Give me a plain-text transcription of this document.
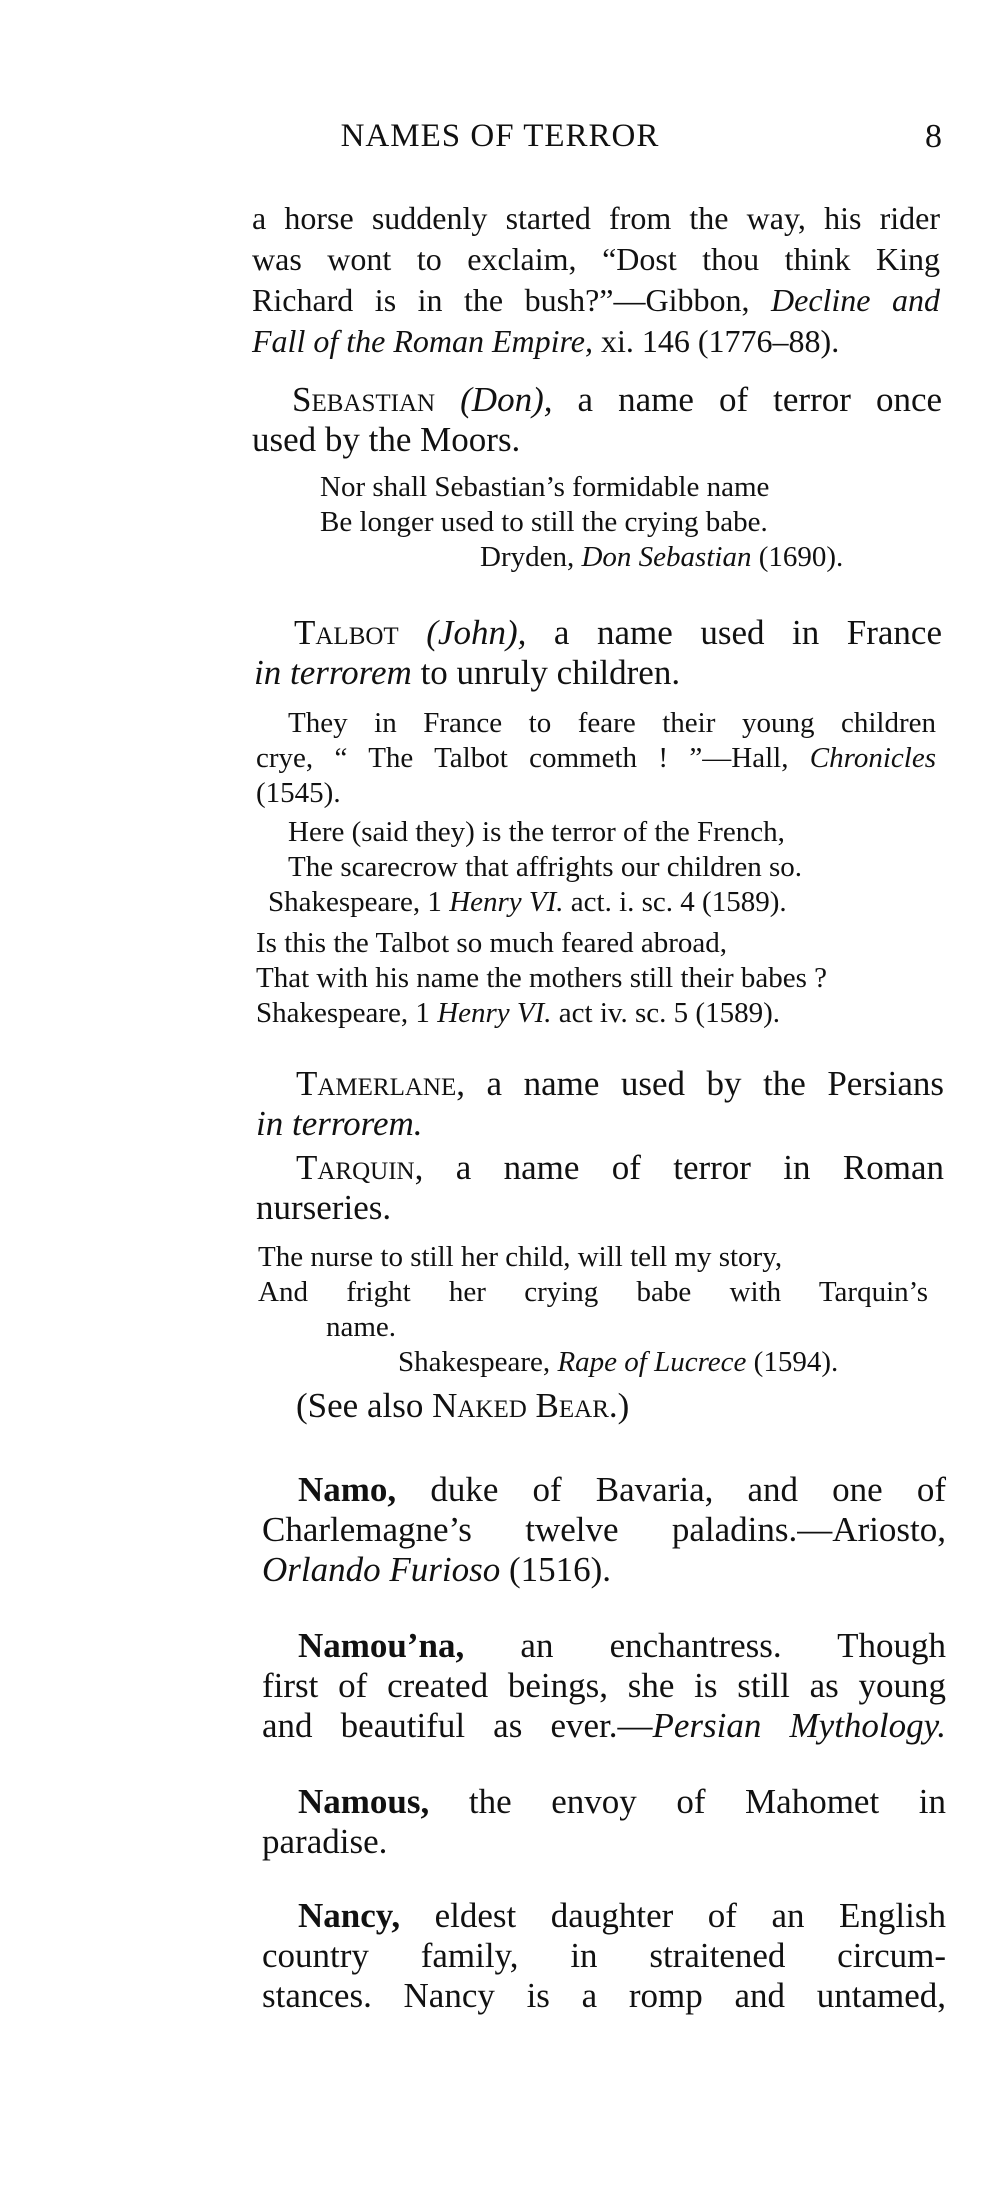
NAMES OF TERROR	8
a horse suddenly started from the way, his rider
was wont to exclaim, “Dost thou think King
Richard is in the bush?”—Gibbon, Decline and
Fall of the Roman Empire, xi. 146 (1776–88).
Sebastian (Don), a name of terror once
used by the Moors.
Nor shall Sebastian’s formidable name
Be longer used to still the crying babe.
Dryden, Don Sebastian (1690).
Talbot (John), a name used in France
in terrorem to unruly children.
They in France to feare their young children
crye, “ The Talbot commeth ! ”—Hall, Chronicles
(1545).
Here (said they) is the terror of the French,
The scarecrow that affrights our children so.
Shakespeare, 1 Henry VI. act. i. sc. 4 (1589).
Is this the Talbot so much feared abroad,
That with his name the mothers still their babes ?
Shakespeare, 1 Henry VI. act iv. sc. 5 (1589).
Tamerlane, a name used by the Persians
in terrorem.
Tarquin, a name of terror in Roman
nurseries.
The nurse to still her child, will tell my story,
And fright her crying babe with Tarquin’s
name.
Shakespeare, Rape of Lucrece (1594).
(See also Naked Bear.)
Namo, duke of Bavaria, and one of
Charlemagne’s twelve paladins.—Ariosto,
Orlando Furioso (1516).
Namou’na, an enchantress. Though
first of created beings, she is still as young
and beautiful as ever.—Persian Mythology.
Namous, the envoy of Mahomet in
paradise.
Nancy, eldest daughter of an English
country family, in straitened circum-
stances. Nancy is a romp and untamed,
